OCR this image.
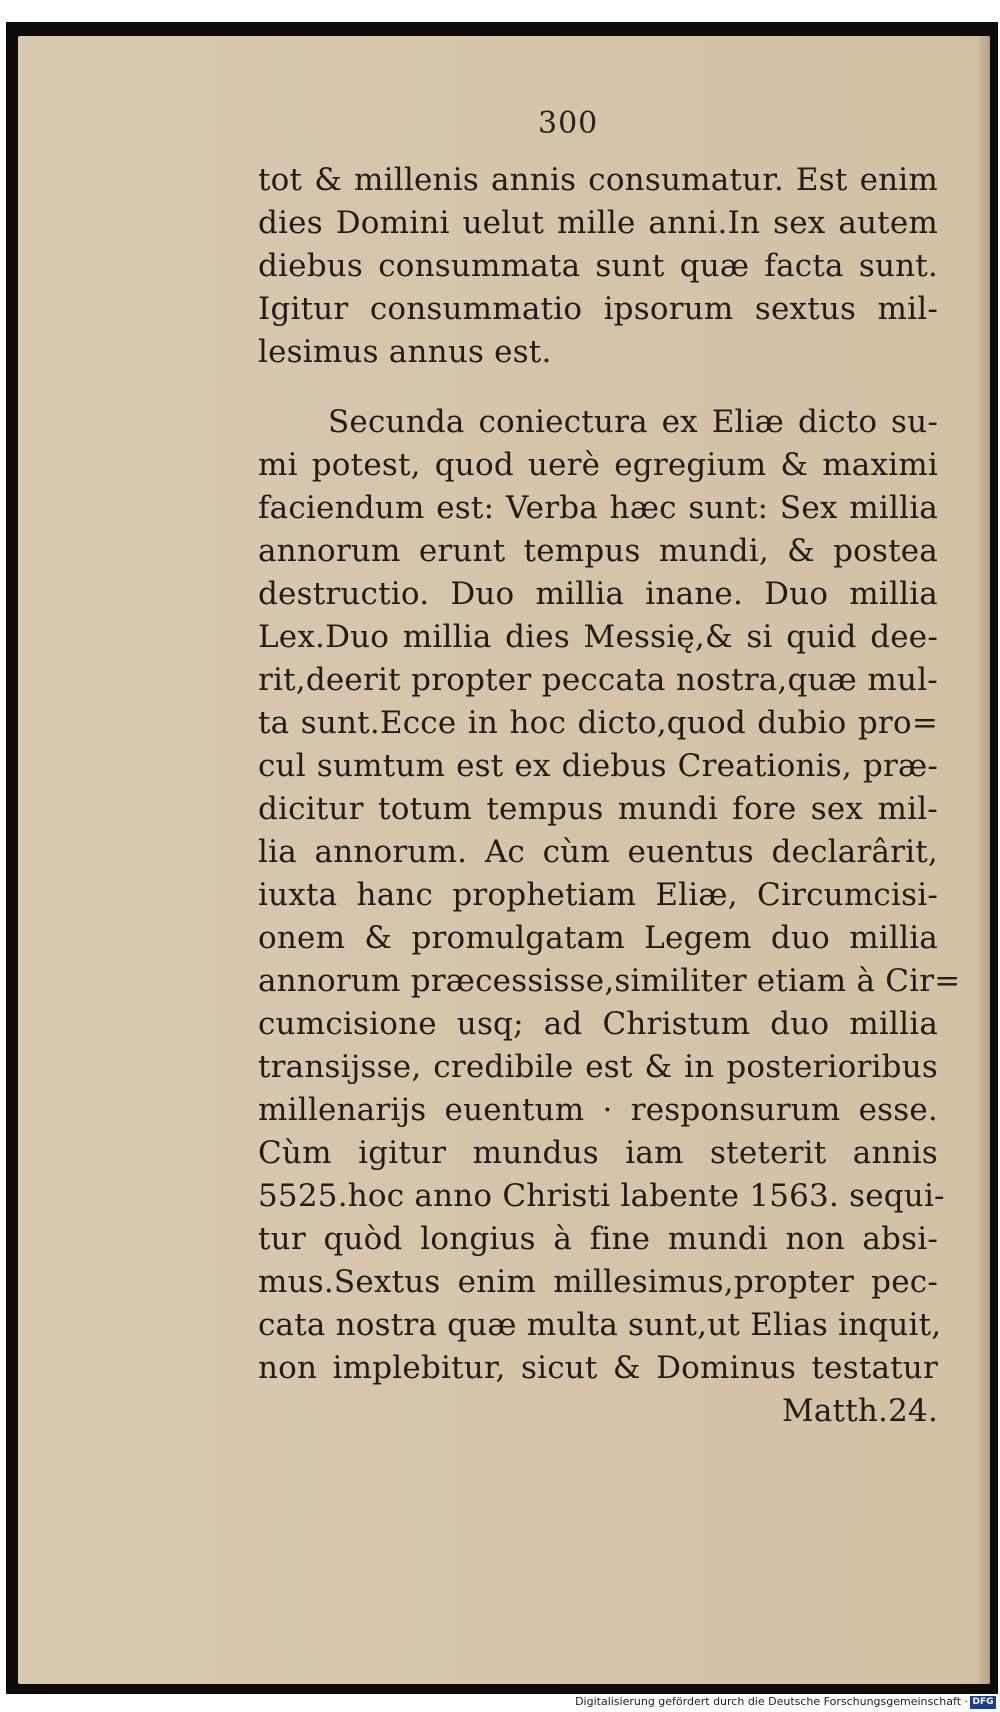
300
tot & millenis annis consumatur. Est enim
dies Domini uelut mille anni.In sex autem
diebus consummata sunt quæ facta sunt.
Igitur consummatio ipsorum sextus mil-
lesimus annus est.
Secunda coniectura ex Eliæ dicto su-
mi potest, quod uerè egregium & maximi
faciendum est: Verba hæc sunt: Sex millia
annorum erunt tempus mundi, & postea
destructio. Duo millia inane. Duo millia
Lex.Duo millia dies Messię,& si quid dee-
rit,deerit propter peccata nostra,quæ mul-
ta sunt.Ecce in hoc dicto,quod dubio pro=
cul sumtum est ex diebus Creationis, præ-
dicitur totum tempus mundi fore sex mil-
lia annorum. Ac cùm euentus declarârit,
iuxta hanc prophetiam Eliæ, Circumcisi-
onem & promulgatam Legem duo millia
annorum præcessisse,similiter etiam à Cir=
cumcisione usq; ad Christum duo millia
transijsse, credibile est & in posterioribus
millenarijs euentum · responsurum esse.
Cùm igitur mundus iam steterit annis
5525.hoc anno Christi labente 1563. sequi-
tur quòd longius à fine mundi non absi-
mus.Sextus enim millesimus,propter pec-
cata nostra quæ multa sunt,ut Elias inquit,
non implebitur, sicut & Dominus testatur
Matth.24.
Digitalisierung gefördert durch die Deutsche Forschungsgemeinschaft · DFG
